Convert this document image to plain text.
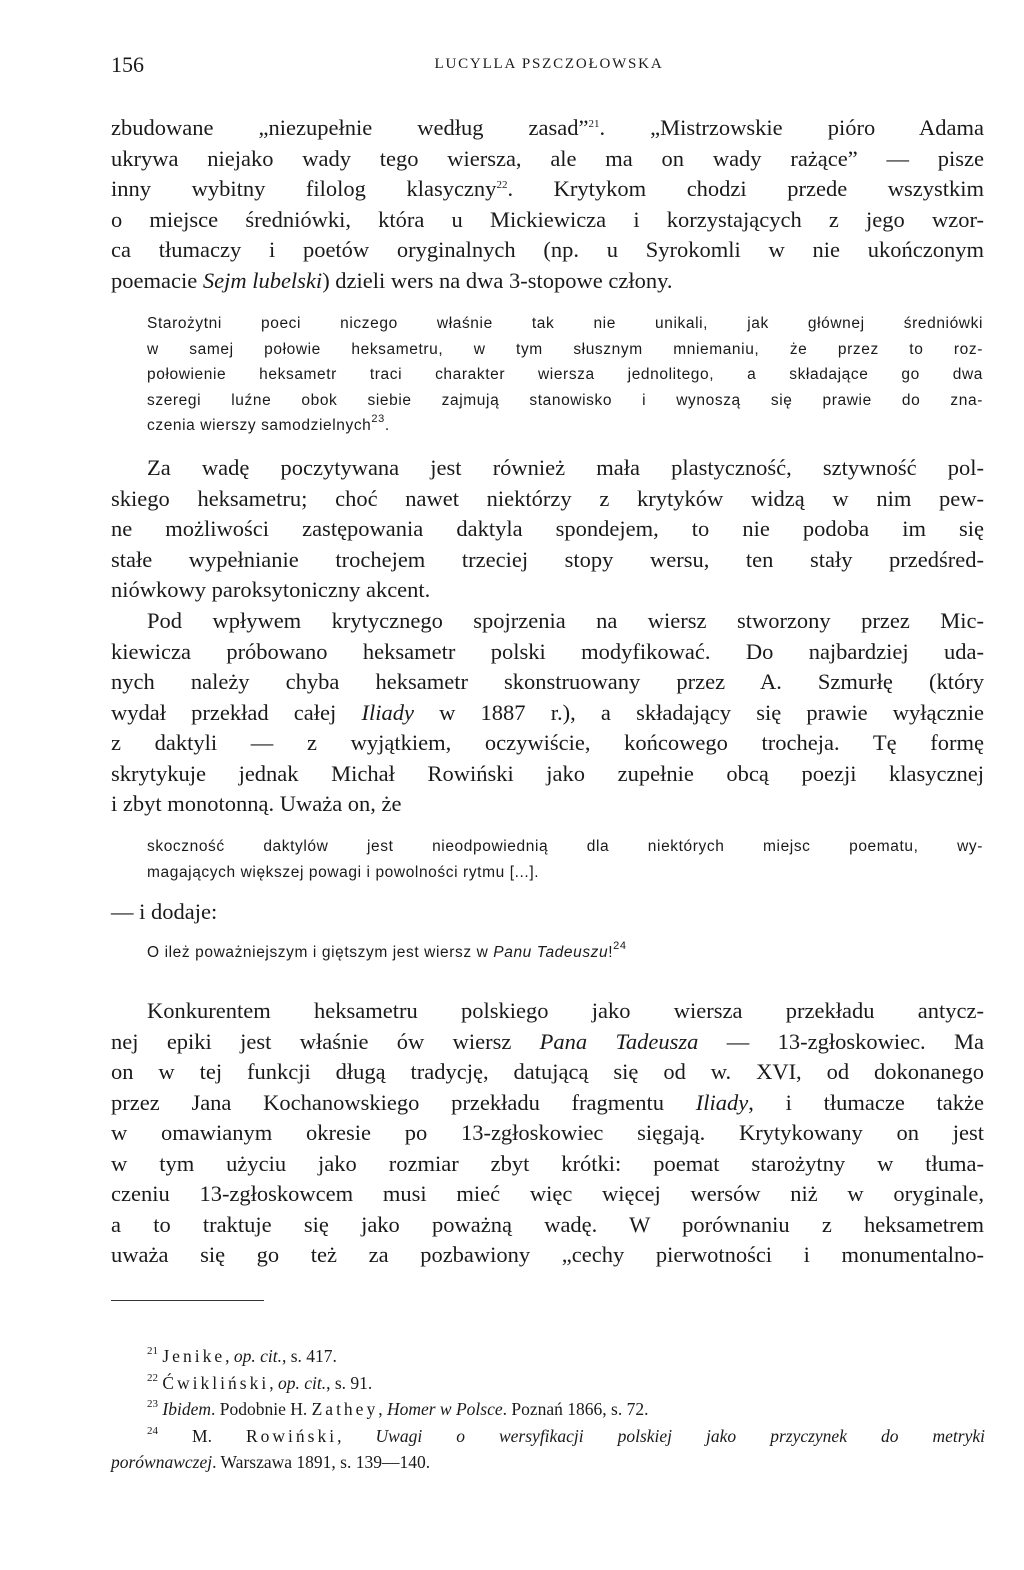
156	LUCYLLA PSZCZOŁOWSKA

zbudowane „niezupełnie według zasad”$^{21}$. „Mistrzowskie pióro Adama

ukrywa niejako wady tego wiersza, ale ma on wady rażące” — pisze

inny wybitny filolog klasyczny$^{22}$. Krytykom chodzi przede wszystkim

o miejsce średniówki, która u Mickiewicza i korzystających z jego wzor-

ca tłumaczy i poetów oryginalnych (np. u Syrokomli w nie ukończonym

poemacie Sejm lubelski) dzieli wers na dwa 3-stopowe człony.

Starożytni poeci niczego właśnie tak nie unikali, jak głównej średniówki

w samej połowie heksametru, w tym słusznym mniemaniu, że przez to roz-

połowienie heksametr traci charakter wiersza jednolitego, a składające go dwa

szeregi luźne obok siebie zajmują stanowisko i wynoszą się prawie do zna-

czenia wierszy samodzielnych$^{23}$.

Za wadę poczytywana jest również mała plastyczność, sztywność pol-

skiego heksametru; choć nawet niektórzy z krytyków widzą w nim pew-

ne możliwości zastępowania daktyla spondejem, to nie podoba im się

stałe wypełnianie trochejem trzeciej stopy wersu, ten stały przedśred-

niówkowy paroksytoniczny akcent.

Pod wpływem krytycznego spojrzenia na wiersz stworzony przez Mic-

kiewicza próbowano heksametr polski modyfikować. Do najbardziej uda-

nych należy chyba heksametr skonstruowany przez A. Szmurłę (który

wydał przekład całej Iliady w 1887 r.), a składający się prawie wyłącznie

z daktyli — z wyjątkiem, oczywiście, końcowego trocheja. Tę formę

skrytykuje jednak Michał Rowiński jako zupełnie obcą poezji klasycznej

i zbyt monotonną. Uważa on, że

skoczność daktylów jest nieodpowiednią dla niektórych miejsc poematu, wy-

magających większej powagi i powolności rytmu [...].

— i dodaje:

O ileż poważniejszym i giętszym jest wiersz w Panu Tadeuszu!$^{24}$

Konkurentem heksametru polskiego jako wiersza przekładu antycz-

nej epiki jest właśnie ów wiersz Pana Tadeusza — 13-zgłoskowiec. Ma

on w tej funkcji długą tradycję, datującą się od w. XVI, od dokonanego

przez Jana Kochanowskiego przekładu fragmentu Iliady, i tłumacze także

w omawianym okresie po 13-zgłoskowiec sięgają. Krytykowany on jest

w tym użyciu jako rozmiar zbyt krótki: poemat starożytny w tłuma-

czeniu 13-zgłoskowcem musi mieć więc więcej wersów niż w oryginale,

a to traktuje się jako poważną wadę. W porównaniu z heksametrem

uważa się go też za pozbawiony „cechy pierwotności i monumentalno-

$^{21}$ Jenike, op. cit., s. 417.

$^{22}$ Ćwikliński, op. cit., s. 91.

$^{23}$ Ibidem. Podobnie H. Zathey, Homer w Polsce. Poznań 1866, s. 72.

$^{24}$ M. Rowiński, Uwagi o wersyfikacji polskiej jako przyczynek do metryki

porównawczej. Warszawa 1891, s. 139—140.
